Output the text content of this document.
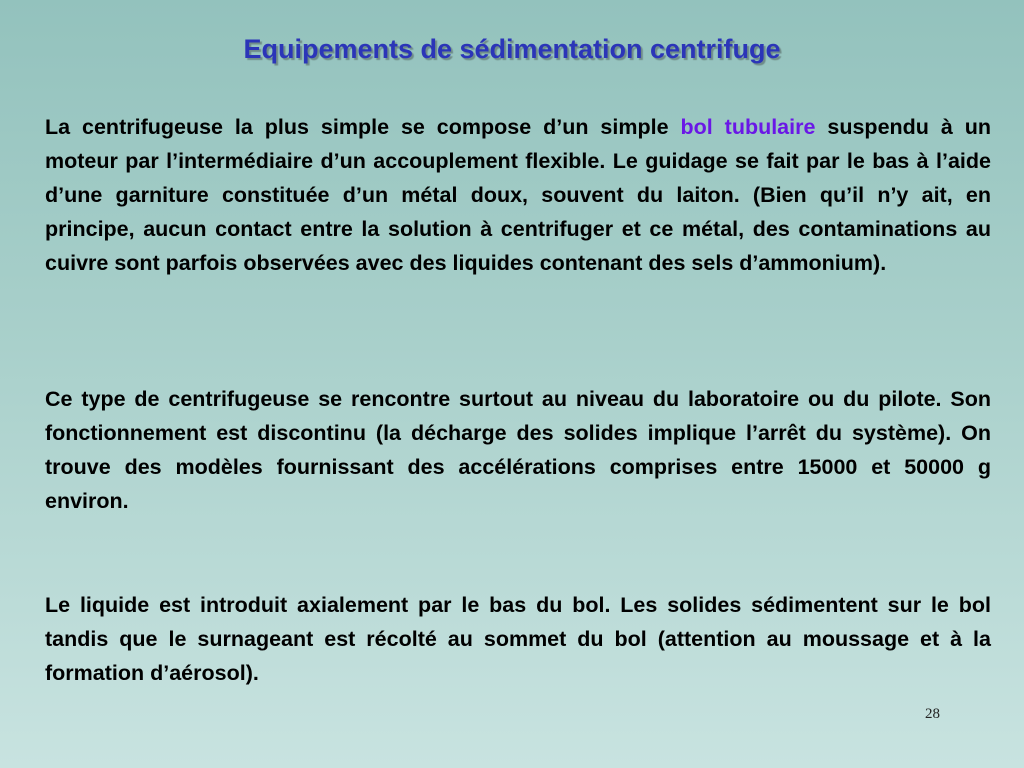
Equipements de sédimentation centrifuge

La centrifugeuse la plus simple se compose d’un simple bol tubulaire suspendu à un moteur par l’intermédiaire d’un accouplement flexible. Le guidage se fait par le bas à l’aide d’une garniture constituée d’un métal doux, souvent du laiton. (Bien qu’il n’y ait, en principe, aucun contact entre la solution à centrifuger et ce métal, des contaminations au cuivre sont parfois observées avec des liquides contenant des sels d’ammonium).

Ce type de centrifugeuse se rencontre surtout au niveau du laboratoire ou du pilote. Son fonctionnement est discontinu (la décharge des solides implique l’arrêt du système). On trouve des modèles fournissant des accélérations comprises entre 15000 et 50000 g environ.

Le liquide est introduit axialement par le bas du bol. Les solides sédimentent sur le bol tandis que le surnageant est récolté au sommet du bol (attention au moussage et à la formation d’aérosol).

28
